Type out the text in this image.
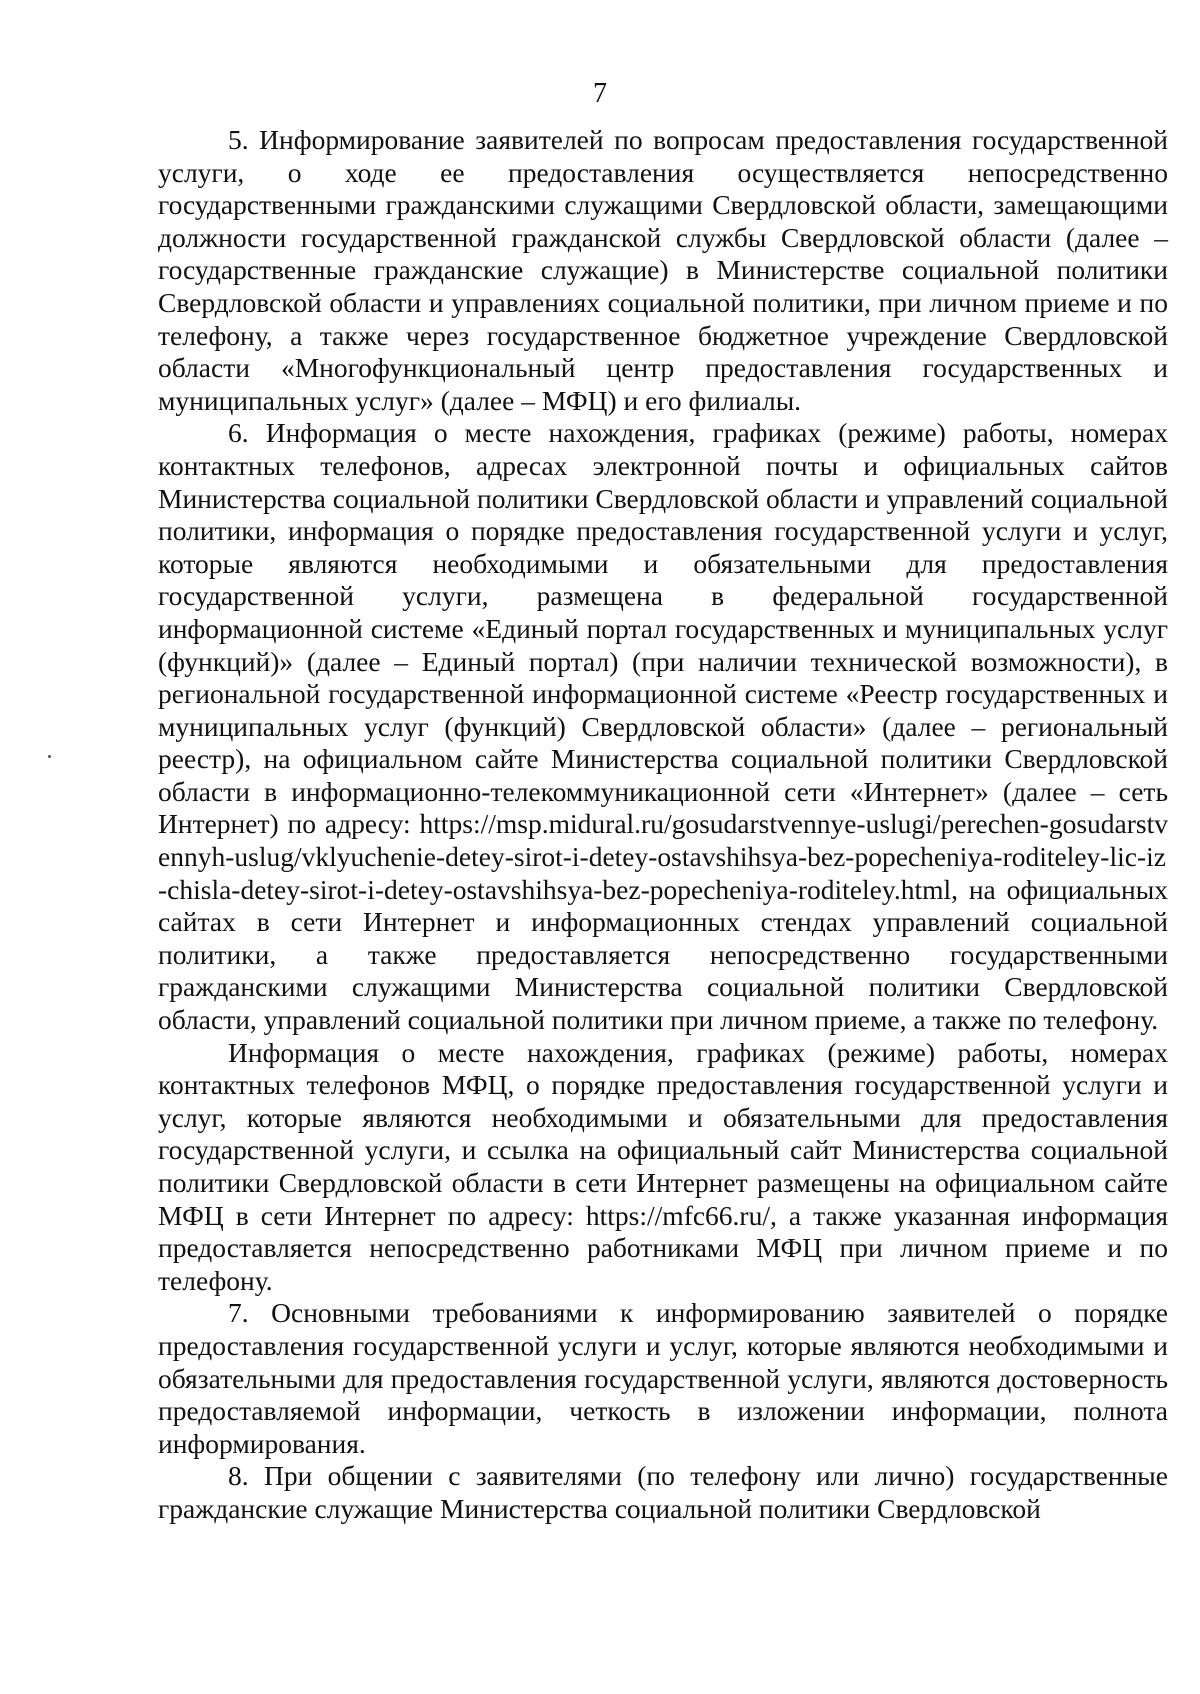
7

5. Информирование заявителей по вопросам предоставления государственной услуги, о ходе ее предоставления осуществляется непосредственно государственными гражданскими служащими Свердловской области, замещающими должности государственной гражданской службы Свердловской области (далее – государственные гражданские служащие) в Министерстве социальной политики Свердловской области и управлениях социальной политики, при личном приеме и по телефону, а также через государственное бюджетное учреждение Свердловской области «Многофункциональный центр предоставления государственных и муниципальных услуг» (далее – МФЦ) и его филиалы.

6. Информация о месте нахождения, графиках (режиме) работы, номерах контактных телефонов, адресах электронной почты и официальных сайтов Министерства социальной политики Свердловской области и управлений социальной политики, информация о порядке предоставления государственной услуги и услуг, которые являются необходимыми и обязательными для предоставления государственной услуги, размещена в федеральной государственной информационной системе «Единый портал государственных и муниципальных услуг (функций)» (далее – Единый портал) (при наличии технической возможности), в региональной государственной информационной системе «Реестр государственных и муниципальных услуг (функций) Свердловской области» (далее – региональный реестр), на официальном сайте Министерства социальной политики Свердловской области в информационно-телекоммуникационной сети «Интернет» (далее – сеть Интернет) по адресу: https://msp.midural.ru/gosudarstvennye-uslugi/perechen-gosudarstvennyh-uslug/vklyuchenie-detey-sirot-i-detey-ostavshihsya-bez-popecheniya-roditeley-lic-iz-chisla-detey-sirot-i-detey-ostavshihsya-bez-popecheniya-roditeley.html, на официальных сайтах в сети Интернет и информационных стендах управлений социальной политики, а также предоставляется непосредственно государственными гражданскими служащими Министерства социальной политики Свердловской области, управлений социальной политики при личном приеме, а также по телефону.

Информация о месте нахождения, графиках (режиме) работы, номерах контактных телефонов МФЦ, о порядке предоставления государственной услуги и услуг, которые являются необходимыми и обязательными для предоставления государственной услуги, и ссылка на официальный сайт Министерства социальной политики Свердловской области в сети Интернет размещены на официальном сайте МФЦ в сети Интернет по адресу: https://mfc66.ru/, а также указанная информация предоставляется непосредственно работниками МФЦ при личном приеме и по телефону.

7. Основными требованиями к информированию заявителей о порядке предоставления государственной услуги и услуг, которые являются необходимыми и обязательными для предоставления государственной услуги, являются достоверность предоставляемой информации, четкость в изложении информации, полнота информирования.

8. При общении с заявителями (по телефону или лично) государственные гражданские служащие Министерства социальной политики Свердловской
